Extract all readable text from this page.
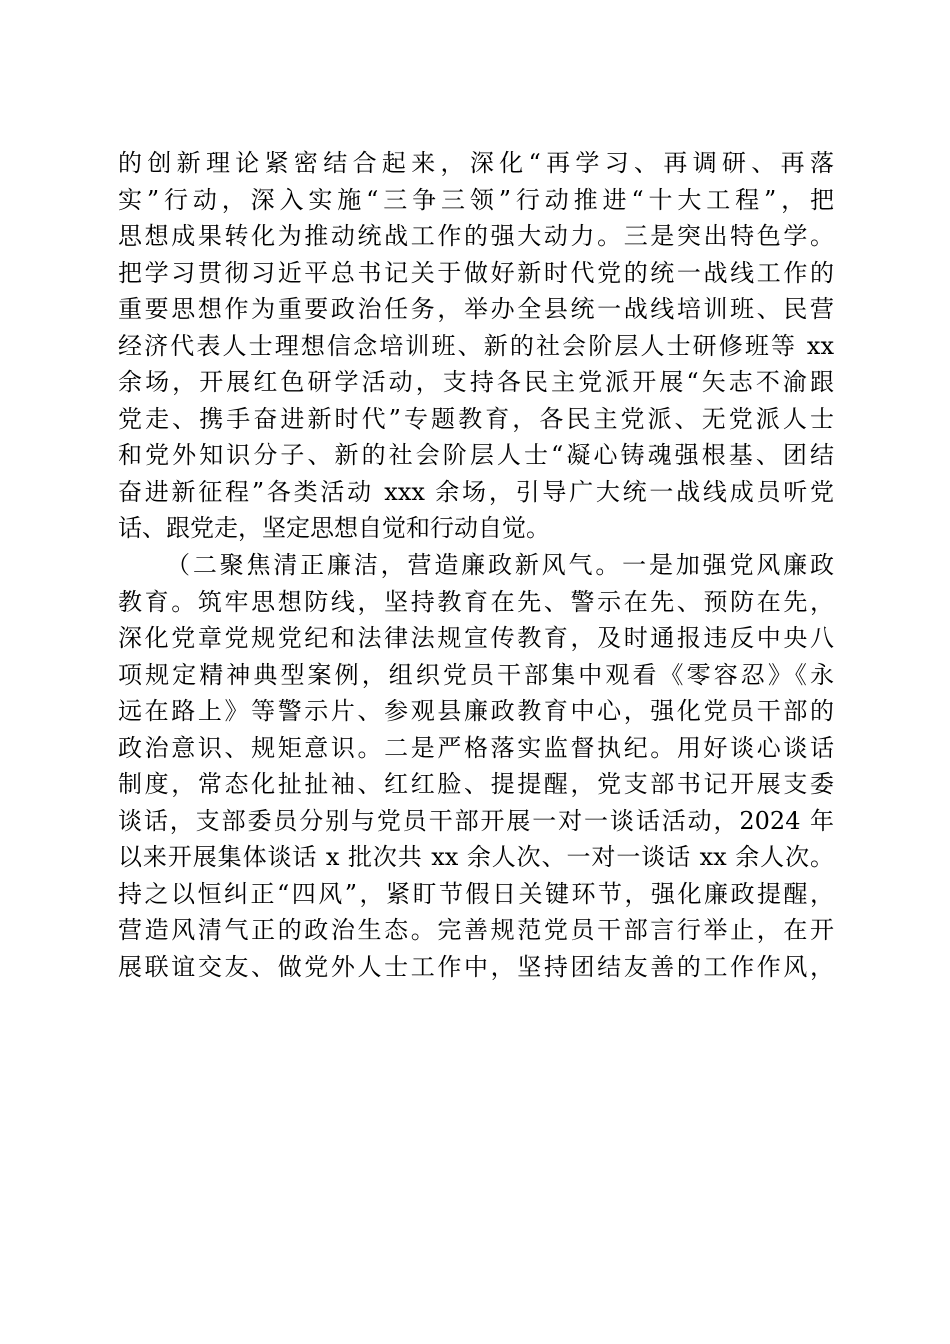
的创新理论紧密结合起来，深化“再学习、再调研、再落
实”行动，深入实施“三争三领”行动推进“十大工程”，把
思想成果转化为推动统战工作的强大动力。三是突出特色学。
把学习贯彻习近平总书记关于做好新时代党的统一战线工作的
重要思想作为重要政治任务，举办全县统一战线培训班、民营
经济代表人士理想信念培训班、新的社会阶层人士研修班等 xx
余场，开展红色研学活动，支持各民主党派开展“矢志不渝跟
党走、携手奋进新时代”专题教育，各民主党派、无党派人士
和党外知识分子、新的社会阶层人士“凝心铸魂强根基、团结
奋进新征程”各类活动 xxx 余场，引导广大统一战线成员听党
话、跟党走，坚定思想自觉和行动自觉。
（二聚焦清正廉洁，营造廉政新风气。一是加强党风廉政
教育。筑牢思想防线，坚持教育在先、警示在先、预防在先，
深化党章党规党纪和法律法规宣传教育，及时通报违反中央八
项规定精神典型案例，组织党员干部集中观看《零容忍》《永
远在路上》等警示片、参观县廉政教育中心，强化党员干部的
政治意识、规矩意识。二是严格落实监督执纪。用好谈心谈话
制度，常态化扯扯袖、红红脸、提提醒，党支部书记开展支委
谈话，支部委员分别与党员干部开展一对一谈话活动，2024 年
以来开展集体谈话 x 批次共 xx 余人次、一对一谈话 xx 余人次。
持之以恒纠正“四风”，紧盯节假日关键环节，强化廉政提醒，
营造风清气正的政治生态。完善规范党员干部言行举止，在开
展联谊交友、做党外人士工作中，坚持团结友善的工作作风，
